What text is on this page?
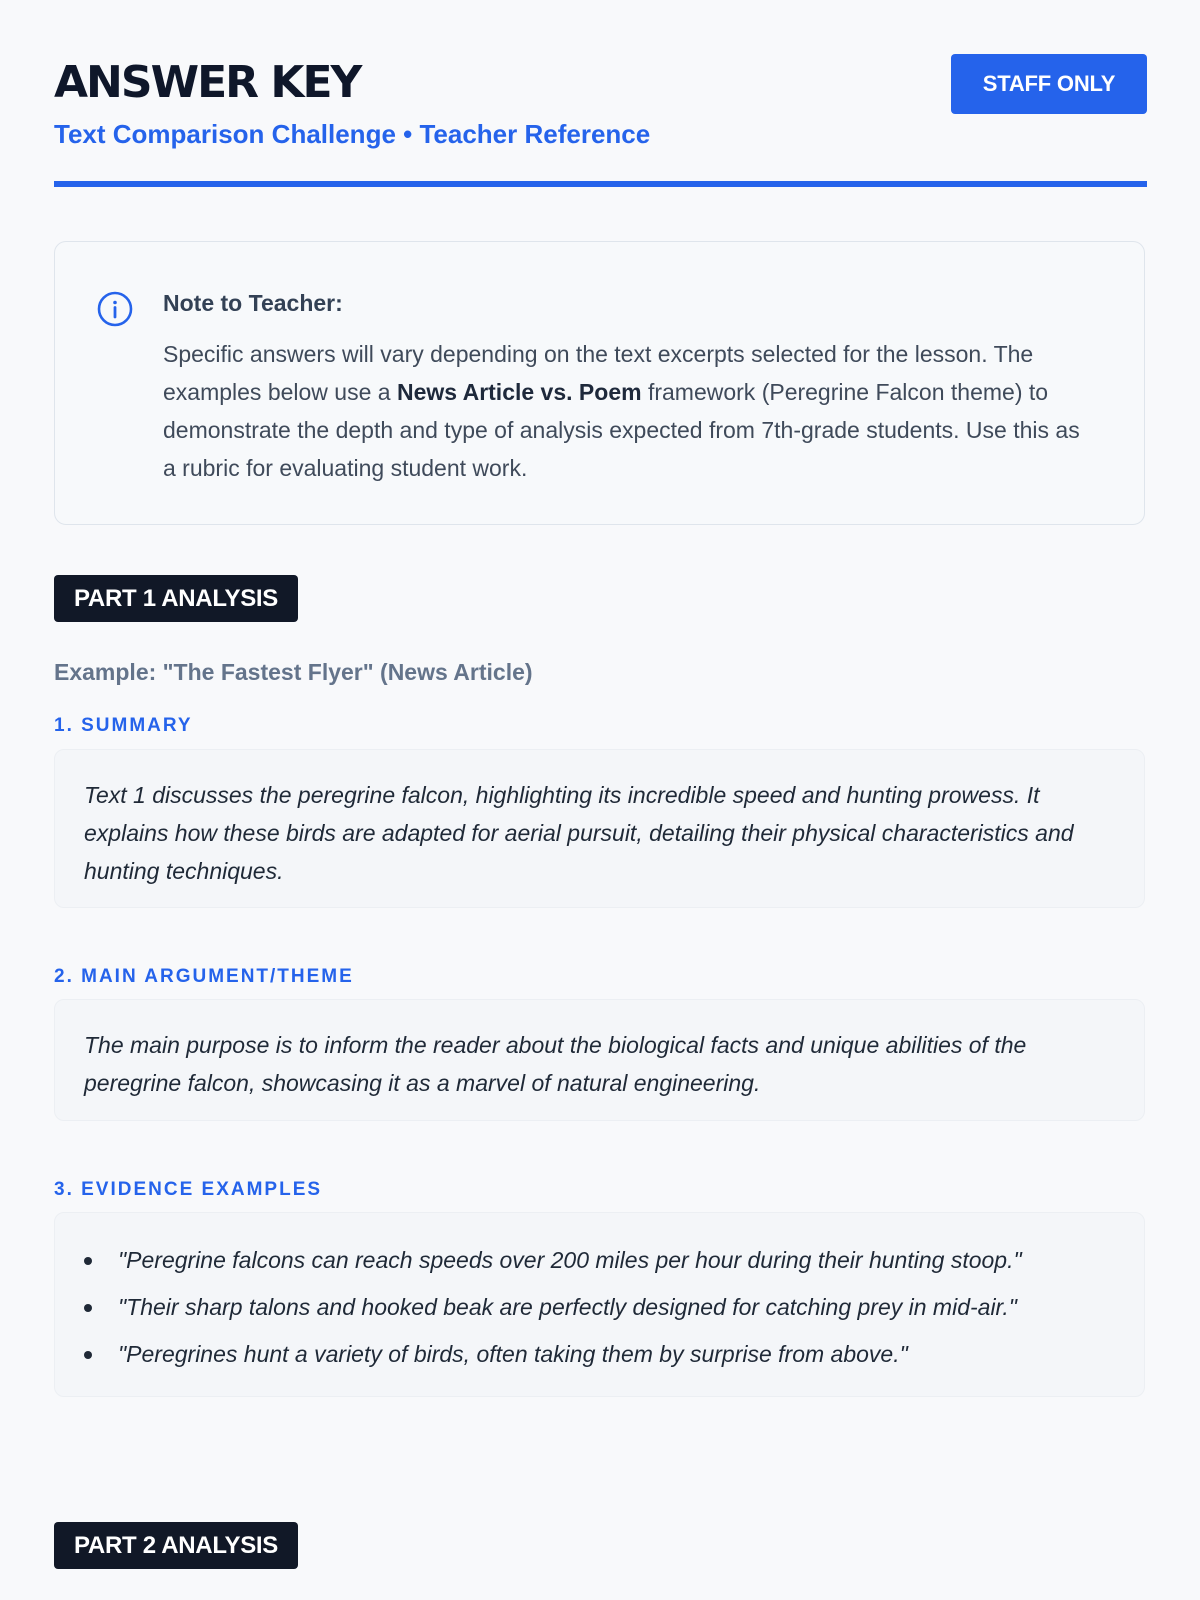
ANSWER KEY
Text Comparison Challenge • Teacher Reference
STAFF ONLY
Note to Teacher:
Specific answers will vary depending on the text excerpts selected for the lesson. The examples below use a News Article vs. Poem framework (Peregrine Falcon theme) to demonstrate the depth and type of analysis expected from 7th-grade students. Use this as a rubric for evaluating student work.
PART 1 ANALYSIS
Example: "The Fastest Flyer" (News Article)
1. SUMMARY
Text 1 discusses the peregrine falcon, highlighting its incredible speed and hunting prowess. It explains how these birds are adapted for aerial pursuit, detailing their physical characteristics and hunting techniques.
2. MAIN ARGUMENT/THEME
The main purpose is to inform the reader about the biological facts and unique abilities of the peregrine falcon, showcasing it as a marvel of natural engineering.
3. EVIDENCE EXAMPLES
"Peregrine falcons can reach speeds over 200 miles per hour during their hunting stoop."
"Their sharp talons and hooked beak are perfectly designed for catching prey in mid-air."
"Peregrines hunt a variety of birds, often taking them by surprise from above."
PART 2 ANALYSIS
